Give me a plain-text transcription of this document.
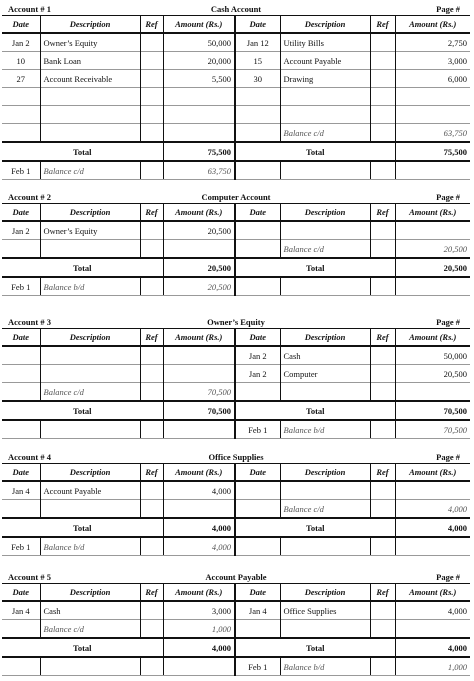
Cash Account
Account # 1	Page #
Date	Description	Ref	Amount (Rs.)	Date	Description	Ref	Amount (Rs.)
Jan 2	Owner’s Equity		50,000	Jan 12	Utility Bills		2,750
10	Bank Loan		20,000	15	Account Payable		3,000
27	Account Receivable		5,500	30	Drawing		6,000

					Balance c/d		63,750
Total			75,500	Total			75,500
Feb 1	Balance c/d		63,750				
Computer Account
Account # 2	Page #
Date	Description	Ref	Amount (Rs.)	Date	Description	Ref	Amount (Rs.)
Jan 2	Owner’s Equity		20,500				
					Balance c/d		20,500
Total			20,500	Total			20,500
Feb 1	Balance b/d		20,500				
Owner’s Equity
Account # 3	Page #
Date	Description	Ref	Amount (Rs.)	Date	Description	Ref	Amount (Rs.)
				Jan 2	Cash		50,000
				Jan 2	Computer		20,500
	Balance c/d		70,500				
Total			70,500	Total			70,500
				Feb 1	Balance b/d		70,500
Office Supplies
Account # 4	Page #
Date	Description	Ref	Amount (Rs.)	Date	Description	Ref	Amount (Rs.)
Jan 4	Account Payable		4,000				
					Balance c/d		4,000
Total			4,000	Total			4,000
Feb 1	Balance b/d		4,000				
Account Payable
Account # 5	Page #
Date	Description	Ref	Amount (Rs.)	Date	Description	Ref	Amount (Rs.)
Jan 4	Cash		3,000	Jan 4	Office Supplies		4,000
	Balance c/d		1,000				
Total			4,000	Total			4,000
				Feb 1	Balance b/d		1,000
